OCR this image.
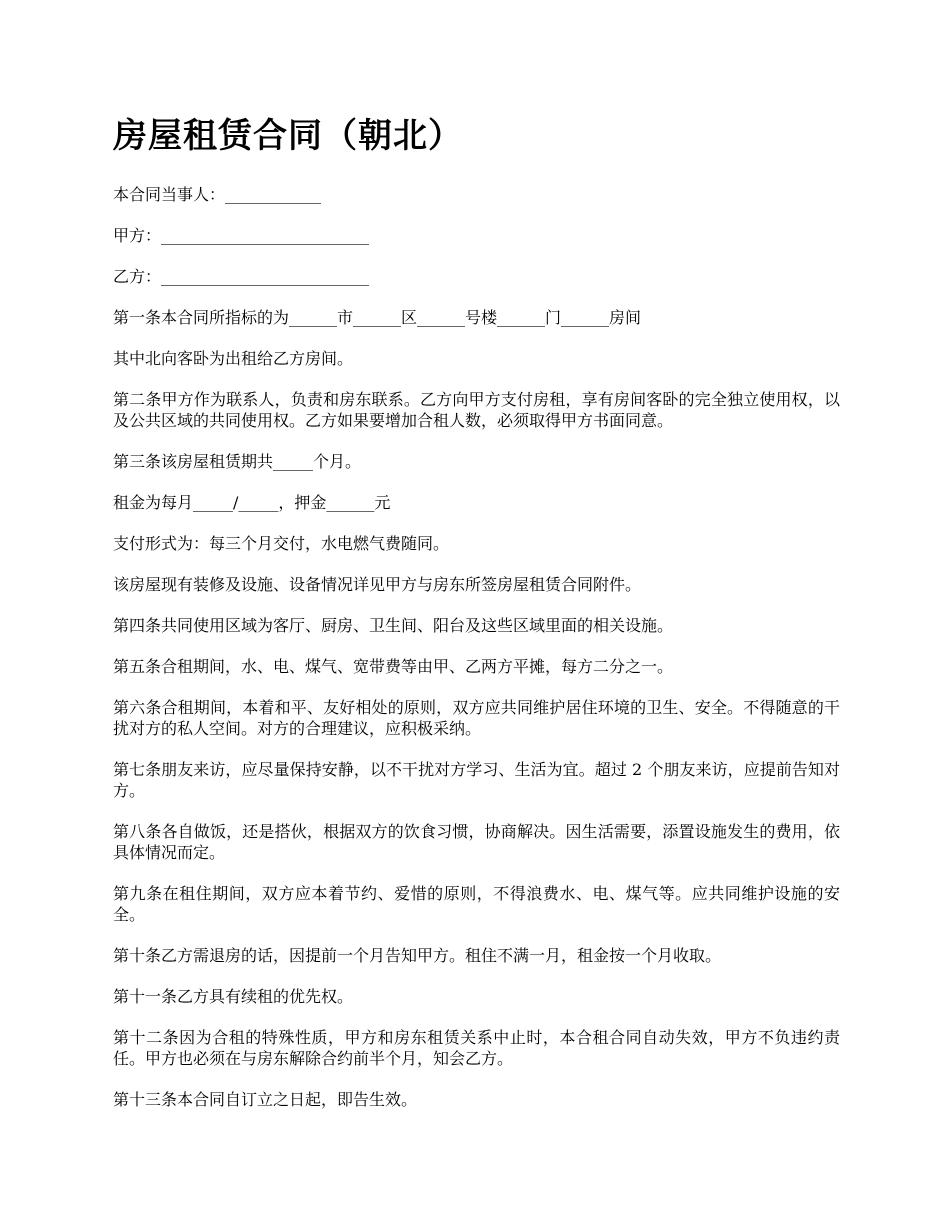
房屋租赁合同（朝北）

本合同当事人：____________

甲方：__________________________

乙方：__________________________

第一条本合同所指标的为______市______区______号楼______门______房间

其中北向客卧为出租给乙方房间。

第二条甲方作为联系人，负责和房东联系。乙方向甲方支付房租，享有房间客卧的完全独立使用权，以及公共区域的共同使用权。乙方如果要增加合租人数，必须取得甲方书面同意。

第三条该房屋租赁期共_____个月。

租金为每月_____/_____，押金______元

支付形式为：每三个月交付，水电燃气费随同。

该房屋现有装修及设施、设备情况详见甲方与房东所签房屋租赁合同附件。

第四条共同使用区域为客厅、厨房、卫生间、阳台及这些区域里面的相关设施。

第五条合租期间，水、电、煤气、宽带费等由甲、乙两方平摊，每方二分之一。

第六条合租期间，本着和平、友好相处的原则，双方应共同维护居住环境的卫生、安全。不得随意的干扰对方的私人空间。对方的合理建议，应积极采纳。

第七条朋友来访，应尽量保持安静，以不干扰对方学习、生活为宜。超过 2 个朋友来访，应提前告知对方。

第八条各自做饭，还是搭伙，根据双方的饮食习惯，协商解决。因生活需要，添置设施发生的费用，依具体情况而定。

第九条在租住期间，双方应本着节约、爱惜的原则，不得浪费水、电、煤气等。应共同维护设施的安全。

第十条乙方需退房的话，因提前一个月告知甲方。租住不满一月，租金按一个月收取。

第十一条乙方具有续租的优先权。

第十二条因为合租的特殊性质，甲方和房东租赁关系中止时，本合租合同自动失效，甲方不负违约责任。甲方也必须在与房东解除合约前半个月，知会乙方。

第十三条本合同自订立之日起，即告生效。
